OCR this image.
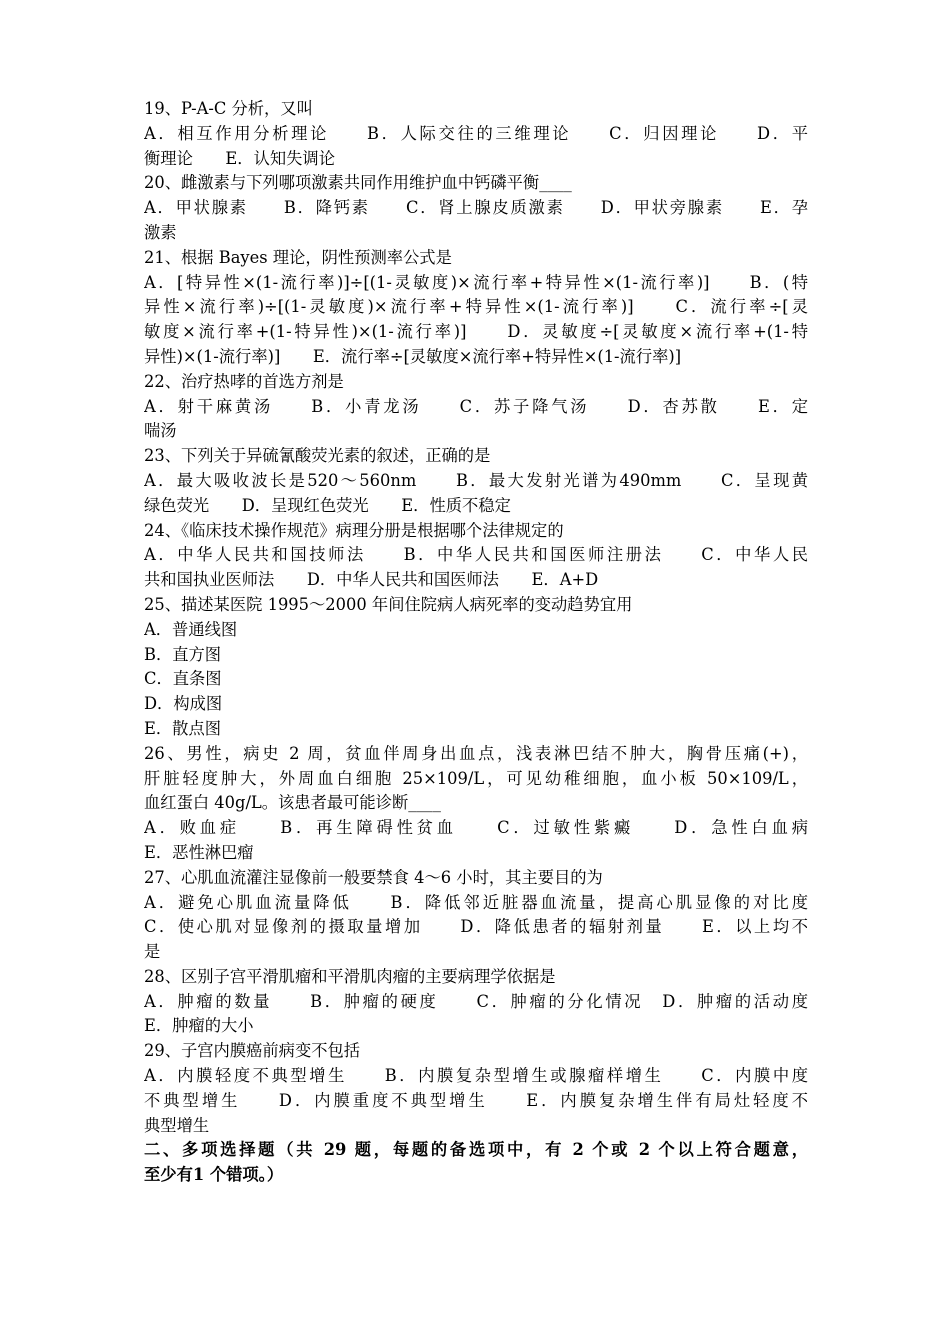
19、P-A-C 分析，又叫
A．相互作用分析理论　　B．人际交往的三维理论　　C．归因理论　　D．平
衡理论　　E．认知失调论
20、雌激素与下列哪项激素共同作用维护血中钙磷平衡____
A．甲状腺素　　B．降钙素　　C．肾上腺皮质激素　　D．甲状旁腺素　　E．孕
激素
21、根据 Bayes 理论，阴性预测率公式是
A．[特异性×(1-流行率)]÷[(1-灵敏度)×流行率+特异性×(1-流行率)]　　B．(特
异性×流行率)÷[(1-灵敏度)×流行率+特异性×(1-流行率)]　　C．流行率÷[灵
敏度×流行率+(1-特异性)×(1-流行率)]　　D．灵敏度÷[灵敏度×流行率+(1-特
异性)×(1-流行率)]　　E．流行率÷[灵敏度×流行率+特异性×(1-流行率)]
22、治疗热哮的首选方剂是
A．射干麻黄汤　　B．小青龙汤　　C．苏子降气汤　　D．杏苏散　　E．定
喘汤
23、下列关于异硫氰酸荧光素的叙述，正确的是
A．最大吸收波长是520～560nm　　B．最大发射光谱为490mm　　C．呈现黄
绿色荧光　　D．呈现红色荧光　　E．性质不稳定
24、《临床技术操作规范》病理分册是根据哪个法律规定的
A．中华人民共和国技师法　　B．中华人民共和国医师注册法　　C．中华人民
共和国执业医师法　　D．中华人民共和国医师法　　E．A+D
25、描述某医院 1995～2000 年间住院病人病死率的变动趋势宜用
A．普通线图
B．直方图
C．直条图
D．构成图
E．散点图
26、男性，病史 2 周，贫血伴周身出血点，浅表淋巴结不肿大，胸骨压痛(+)，
肝脏轻度肿大，外周血白细胞 25×109/L，可见幼稚细胞，血小板 50×109/L，
血红蛋白 40g/L。该患者最可能诊断____
A．败血症　　B．再生障碍性贫血　　C．过敏性紫癜　　D．急性白血病
E．恶性淋巴瘤
27、心肌血流灌注显像前一般要禁食 4～6 小时，其主要目的为
A．避免心肌血流量降低　　B．降低邻近脏器血流量，提高心肌显像的对比度
C．使心肌对显像剂的摄取量增加　　D．降低患者的辐射剂量　　E．以上均不
是
28、区别子宫平滑肌瘤和平滑肌肉瘤的主要病理学依据是
A．肿瘤的数量　　B．肿瘤的硬度　　C．肿瘤的分化情况　D．肿瘤的活动度
E．肿瘤的大小
29、子宫内膜癌前病变不包括
A．内膜轻度不典型增生　　B．内膜复杂型增生或腺瘤样增生　　C．内膜中度
不典型增生　　D．内膜重度不典型增生　　E．内膜复杂增生伴有局灶轻度不
典型增生
二、多项选择题（共 29 题，每题的备选项中，有 2 个或 2 个以上符合题意，
至少有1 个错项。）
